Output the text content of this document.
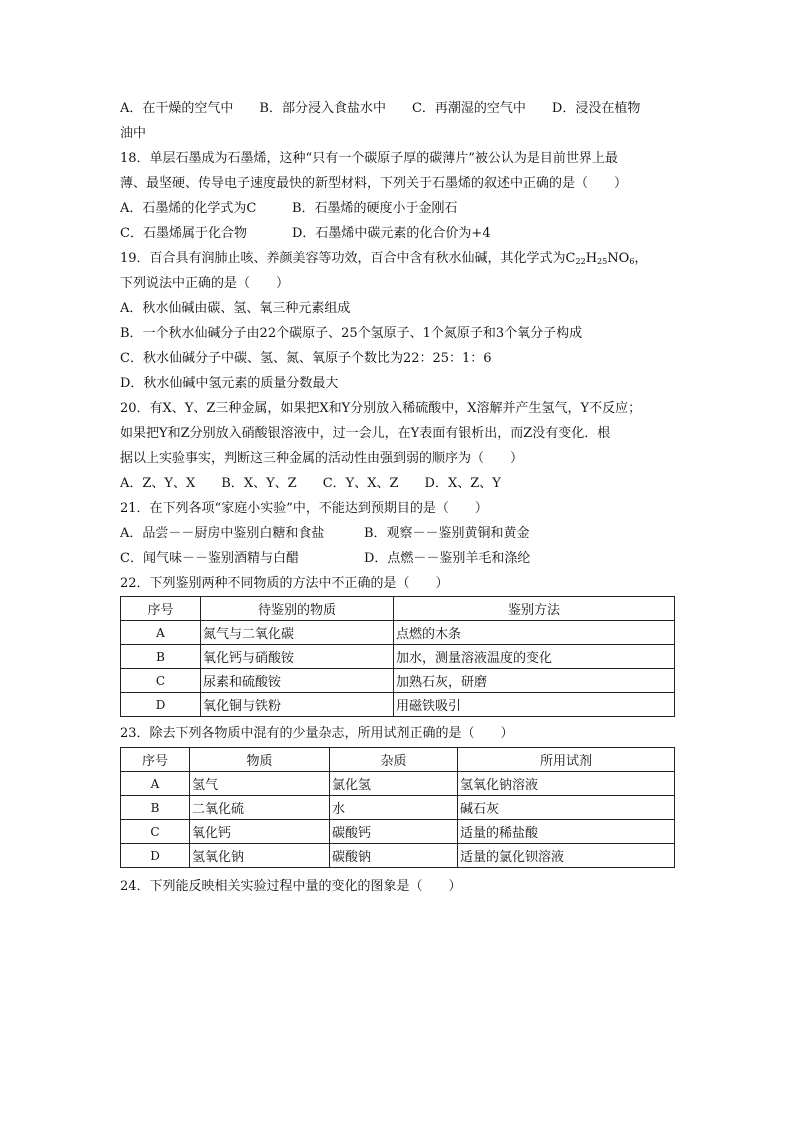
A．在干燥的空气中 B．部分浸入食盐水中 C．再潮湿的空气中 D．浸没在植物
油中
18．单层石墨成为石墨烯，这种“只有一个碳原子厚的碳薄片”被公认为是目前世界上最
薄、最坚硬、传导电子速度最快的新型材料，下列关于石墨烯的叙述中正确的是（　　）
A．石墨烯的化学式为C	B．石墨烯的硬度小于金刚石
C．石墨烯属于化合物	D．石墨烯中碳元素的化合价为+4
19．百合具有润肺止咳、养颜美容等功效，百合中含有秋水仙碱，其化学式为C22H25NO6，
下列说法中正确的是（　　）
A．秋水仙碱由碳、氢、氧三种元素组成
B．一个秋水仙碱分子由22个碳原子、25个氢原子、1个氮原子和3个氧分子构成
C．秋水仙碱分子中碳、氢、氮、氧原子个数比为22：25：1：6
D．秋水仙碱中氢元素的质量分数最大
20．有X、Y、Z三种金属，如果把X和Y分别放入稀硫酸中，X溶解并产生氢气，Y不反应；
如果把Y和Z分别放入硝酸银溶液中，过一会儿，在Y表面有银析出，而Z没有变化．根
据以上实验事实，判断这三种金属的活动性由强到弱的顺序为（　　）
A．Z、Y、X B．X、Y、Z C．Y、X、Z D．X、Z、Y
21．在下列各项“家庭小实验”中，不能达到预期目的是（　　）
A．品尝－－厨房中鉴别白糖和食盐	B．观察－－鉴别黄铜和黄金
C．闻气味－－鉴别酒精与白醋	D．点燃－－鉴别羊毛和涤纶
22．下列鉴别两种不同物质的方法中不正确的是（　　）
序号	待鉴别的物质	鉴别方法
A	氮气与二氧化碳	点燃的木条
B	氧化钙与硝酸铵	加水，测量溶液温度的变化
C	尿素和硫酸铵	加熟石灰，研磨
D	氧化铜与铁粉	用磁铁吸引
23．除去下列各物质中混有的少量杂志，所用试剂正确的是（　　）
序号	物质	杂质	所用试剂
A	氢气	氯化氢	氢氧化钠溶液
B	二氧化硫	水	碱石灰
C	氧化钙	碳酸钙	适量的稀盐酸
D	氢氧化钠	碳酸钠	适量的氯化钡溶液
24．下列能反映相关实验过程中量的变化的图象是（　　）
